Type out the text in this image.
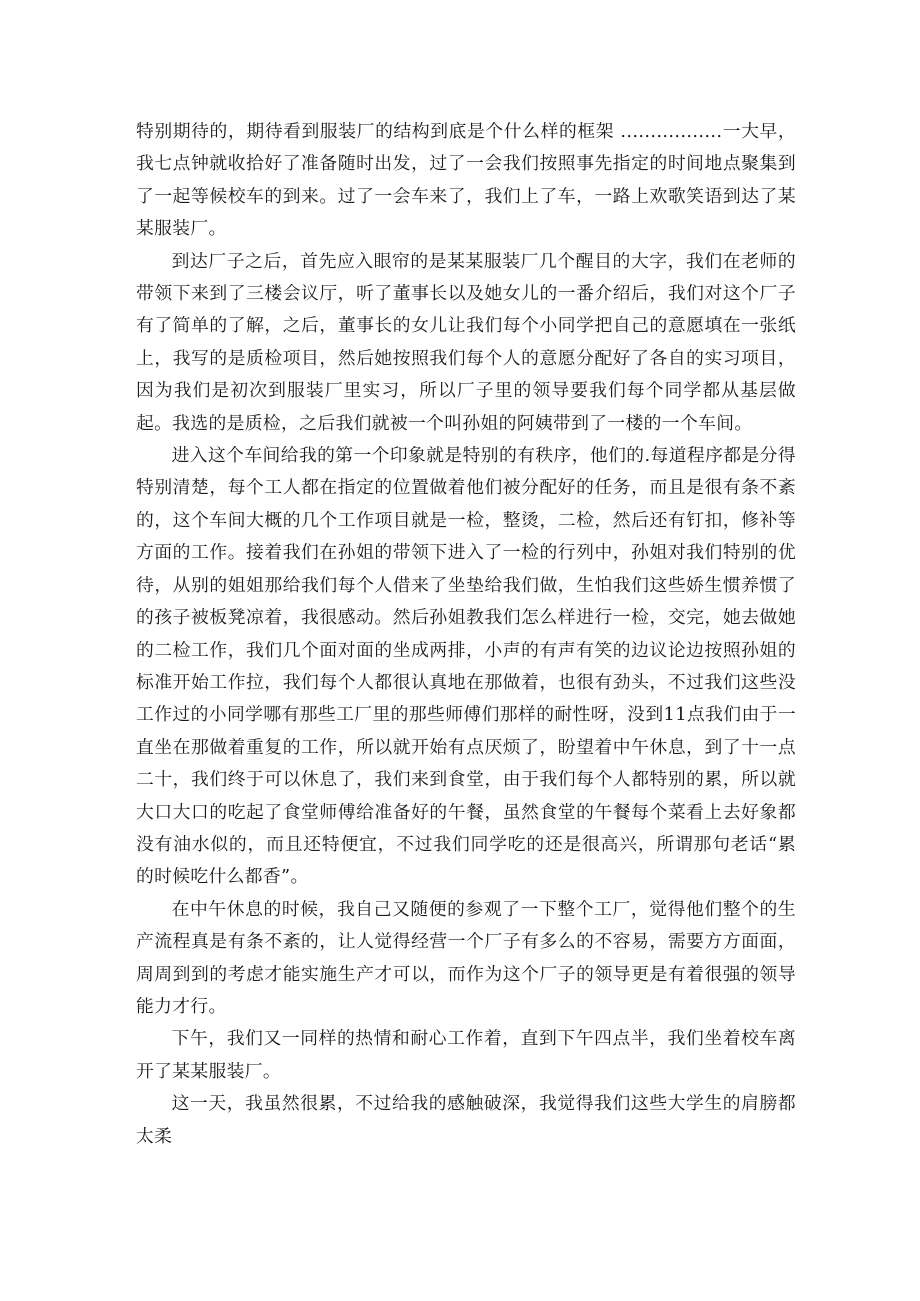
特别期待的，期待看到服装厂的结构到底是个什么样的框架 .................一大早，我七点钟就收拾好了准备随时出发，过了一会我们按照事先指定的时间地点聚集到了一起等候校车的到来。过了一会车来了，我们上了车，一路上欢歌笑语到达了某某服装厂。

到达厂子之后，首先应入眼帘的是某某服装厂几个醒目的大字，我们在老师的带领下来到了三楼会议厅，听了董事长以及她女儿的一番介绍后，我们对这个厂子有了简单的了解，之后，董事长的女儿让我们每个小同学把自己的意愿填在一张纸上，我写的是质检项目，然后她按照我们每个人的意愿分配好了各自的实习项目，因为我们是初次到服装厂里实习，所以厂子里的领导要我们每个同学都从基层做起。我选的是质检，之后我们就被一个叫孙姐的阿姨带到了一楼的一个车间。

进入这个车间给我的第一个印象就是特别的有秩序，他们的.每道程序都是分得特别清楚，每个工人都在指定的位置做着他们被分配好的任务，而且是很有条不紊的，这个车间大概的几个工作项目就是一检，整烫，二检，然后还有钉扣，修补等方面的工作。接着我们在孙姐的带领下进入了一检的行列中，孙姐对我们特别的优待，从别的姐姐那给我们每个人借来了坐垫给我们做，生怕我们这些娇生惯养惯了的孩子被板凳凉着，我很感动。然后孙姐教我们怎么样进行一检，交完，她去做她的二检工作，我们几个面对面的坐成两排，小声的有声有笑的边议论边按照孙姐的标准开始工作拉，我们每个人都很认真地在那做着，也很有劲头，不过我们这些没工作过的小同学哪有那些工厂里的那些师傅们那样的耐性呀，没到11点我们由于一直坐在那做着重复的工作，所以就开始有点厌烦了，盼望着中午休息，到了十一点二十，我们终于可以休息了，我们来到食堂，由于我们每个人都特别的累，所以就大口大口的吃起了食堂师傅给准备好的午餐，虽然食堂的午餐每个菜看上去好象都没有油水似的，而且还特便宜，不过我们同学吃的还是很高兴，所谓那句老话“累的时候吃什么都香”。

在中午休息的时候，我自己又随便的参观了一下整个工厂，觉得他们整个的生产流程真是有条不紊的，让人觉得经营一个厂子有多么的不容易，需要方方面面，周周到到的考虑才能实施生产才可以，而作为这个厂子的领导更是有着很强的领导能力才行。

下午，我们又一同样的热情和耐心工作着，直到下午四点半，我们坐着校车离开了某某服装厂。

这一天，我虽然很累，不过给我的感触破深，我觉得我们这些大学生的肩膀都太柔
